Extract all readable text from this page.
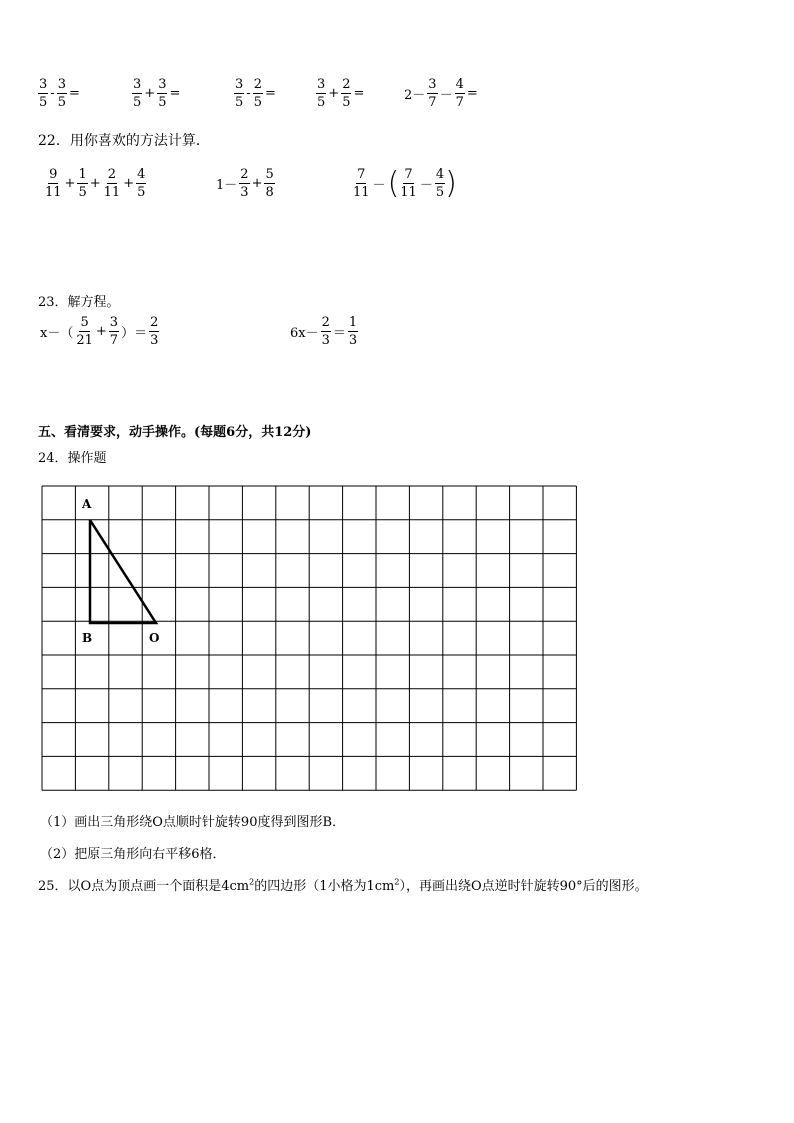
$\frac{3}{5} - \frac{3}{5}$ =	$\frac{3}{5} + \frac{3}{5}$ =	$\frac{3}{5} - \frac{2}{5}$ =	$\frac{3}{5} + \frac{2}{5}$ =	$2- \frac{3}{7} - \frac{4}{7}$ =
22．用你喜欢的方法计算．
$\frac{9}{11} + \frac{1}{5} + \frac{2}{11} + \frac{4}{5}$	$1- \frac{2}{3} + \frac{5}{8}$	$\frac{7}{11}$ － ( $\frac{7}{11} - \frac{4}{5}$ )
23．解方程。
$x-( \frac{5}{21} + \frac{3}{7}$ ）＝ $\frac{2}{3}$	$6x- \frac{2}{3} = \frac{1}{3}$
五、看清要求，动手操作。(每题6分，共12分)
24．操作题
A
B	O
（1）画出三角形绕O点顺时针旋转90度得到图形B．
（2）把原三角形向右平移6格．
25．以O点为顶点画一个面积是$4cm^2$的四边形（1小格为$1cm^2$），再画出绕O点逆时针旋转90°后的图形。
